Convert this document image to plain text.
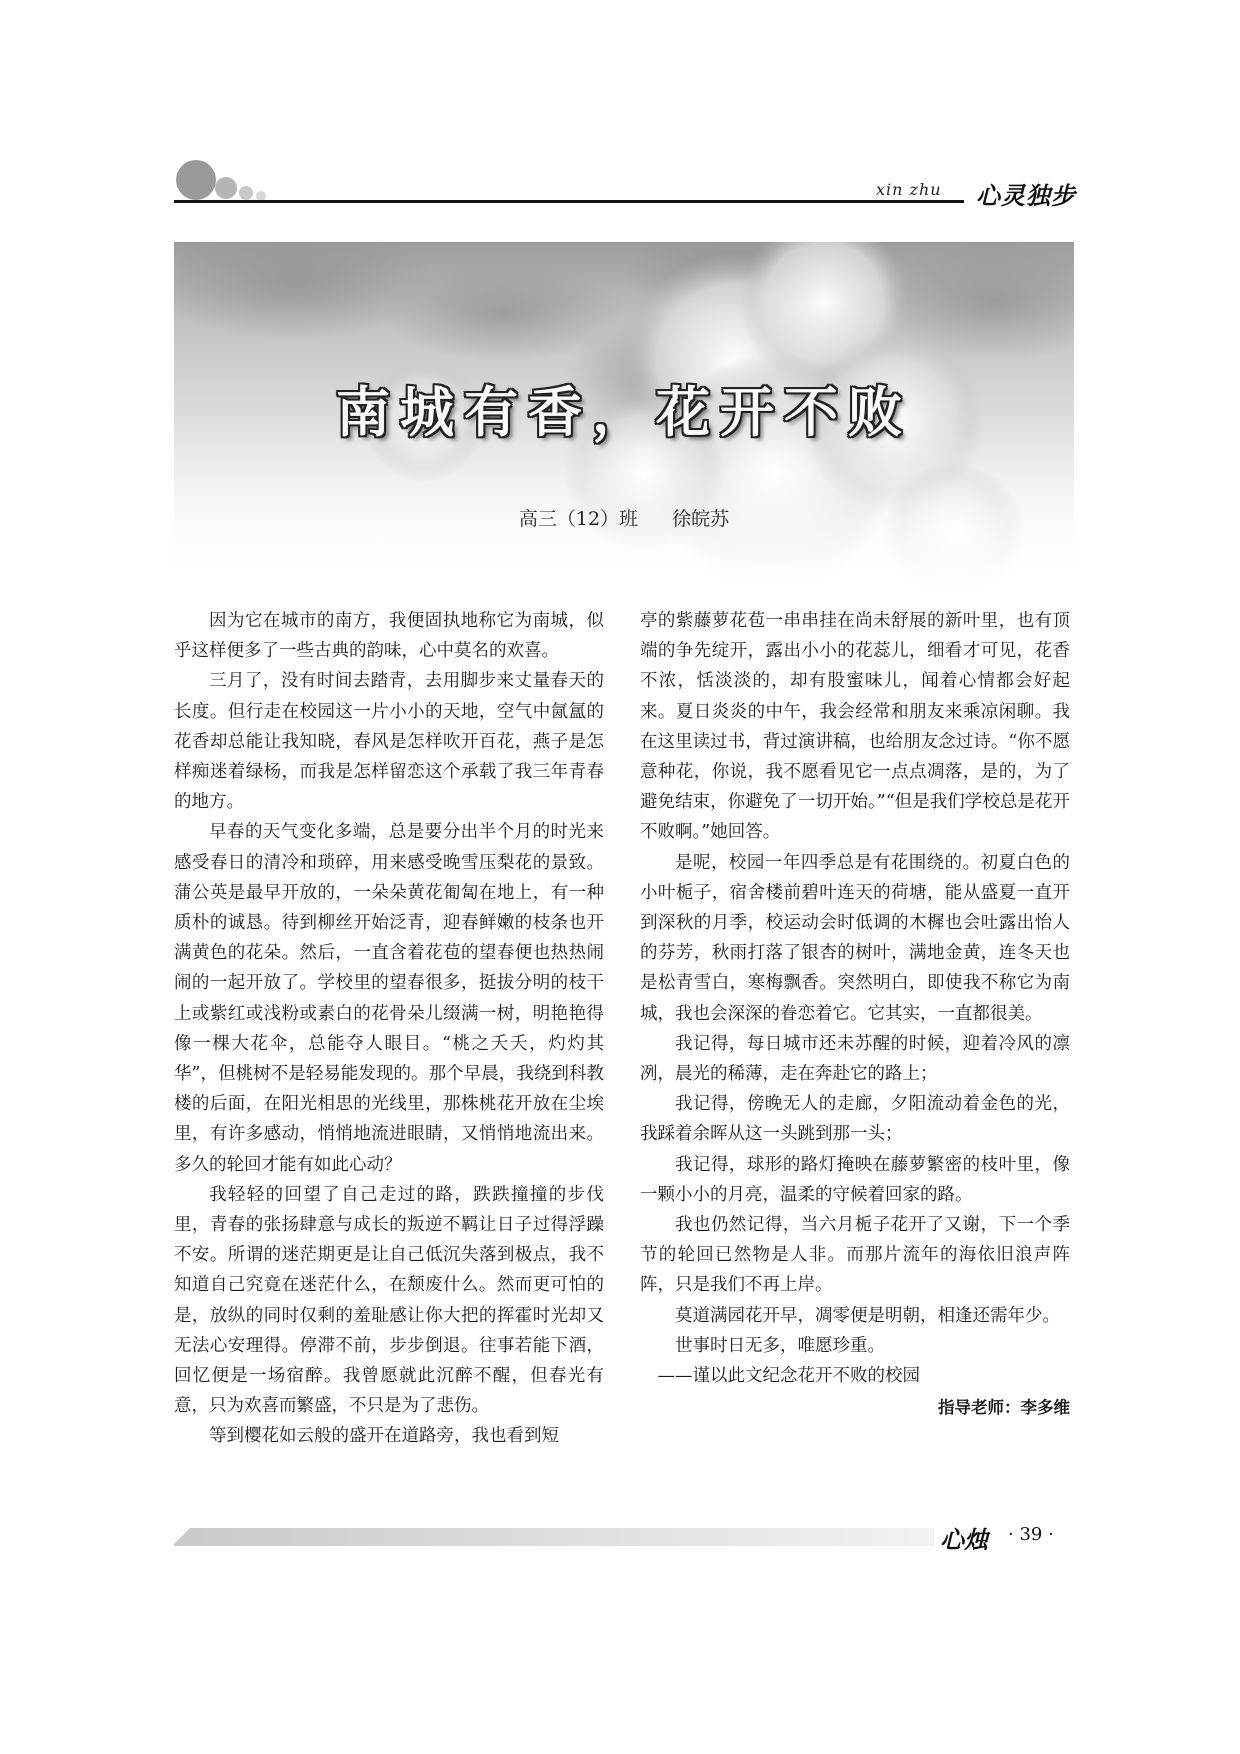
xin zhu 心灵独步
南城有香，花开不败
高三（12）班 徐皖苏

因为它在城市的南方，我便固执地称它为南城，似乎这样便多了一些古典的韵味，心中莫名的欢喜。

三月了，没有时间去踏青，去用脚步来丈量春天的长度。但行走在校园这一片小小的天地，空气中氤氲的花香却总能让我知晓，春风是怎样吹开百花，燕子是怎样痴迷着绿杨，而我是怎样留恋这个承载了我三年青春的地方。

早春的天气变化多端，总是要分出半个月的时光来感受春日的清冷和琐碎，用来感受晚雪压梨花的景致。蒲公英是最早开放的，一朵朵黄花匍匐在地上，有一种质朴的诚恳。待到柳丝开始泛青，迎春鲜嫩的枝条也开满黄色的花朵。然后，一直含着花苞的望春便也热热闹闹的一起开放了。学校里的望春很多，挺拔分明的枝干上或紫红或浅粉或素白的花骨朵儿缀满一树，明艳艳得像一棵大花伞，总能夺人眼目。“桃之夭夭，灼灼其华”，但桃树不是轻易能发现的。那个早晨，我绕到科教楼的后面，在阳光相思的光线里，那株桃花开放在尘埃里，有许多感动，悄悄地流进眼睛，又悄悄地流出来。多久的轮回才能有如此心动？

我轻轻的回望了自己走过的路，跌跌撞撞的步伐里，青春的张扬肆意与成长的叛逆不羁让日子过得浮躁不安。所谓的迷茫期更是让自己低沉失落到极点，我不知道自己究竟在迷茫什么，在颓废什么。然而更可怕的是，放纵的同时仅剩的羞耻感让你大把的挥霍时光却又无法心安理得。停滞不前，步步倒退。往事若能下酒，回忆便是一场宿醉。我曾愿就此沉醉不醒，但春光有意，只为欢喜而繁盛，不只是为了悲伤。

等到樱花如云般的盛开在道路旁，我也看到短

亭的紫藤萝花苞一串串挂在尚未舒展的新叶里，也有顶端的争先绽开，露出小小的花蕊儿，细看才可见，花香不浓，恬淡淡的，却有股蜜味儿，闻着心情都会好起来。夏日炎炎的中午，我会经常和朋友来乘凉闲聊。我在这里读过书，背过演讲稿，也给朋友念过诗。“你不愿意种花，你说，我不愿看见它一点点凋落，是的，为了避免结束，你避免了一切开始。”“但是我们学校总是花开不败啊。”她回答。

是呢，校园一年四季总是有花围绕的。初夏白色的小叶栀子，宿舍楼前碧叶连天的荷塘，能从盛夏一直开到深秋的月季，校运动会时低调的木樨也会吐露出怡人的芬芳，秋雨打落了银杏的树叶，满地金黄，连冬天也是松青雪白，寒梅飘香。突然明白，即使我不称它为南城，我也会深深的眷恋着它。它其实，一直都很美。

我记得，每日城市还未苏醒的时候，迎着冷风的凛冽，晨光的稀薄，走在奔赴它的路上；

我记得，傍晚无人的走廊，夕阳流动着金色的光，我踩着余晖从这一头跳到那一头；

我记得，球形的路灯掩映在藤萝繁密的枝叶里，像一颗小小的月亮，温柔的守候着回家的路。

我也仍然记得，当六月栀子花开了又谢，下一个季节的轮回已然物是人非。而那片流年的海依旧浪声阵阵，只是我们不再上岸。

莫道满园花开早，凋零便是明朝，相逢还需年少。

世事时日无多，唯愿珍重。

——谨以此文纪念花开不败的校园

指导老师：李多维

心烛 · 39 ·
